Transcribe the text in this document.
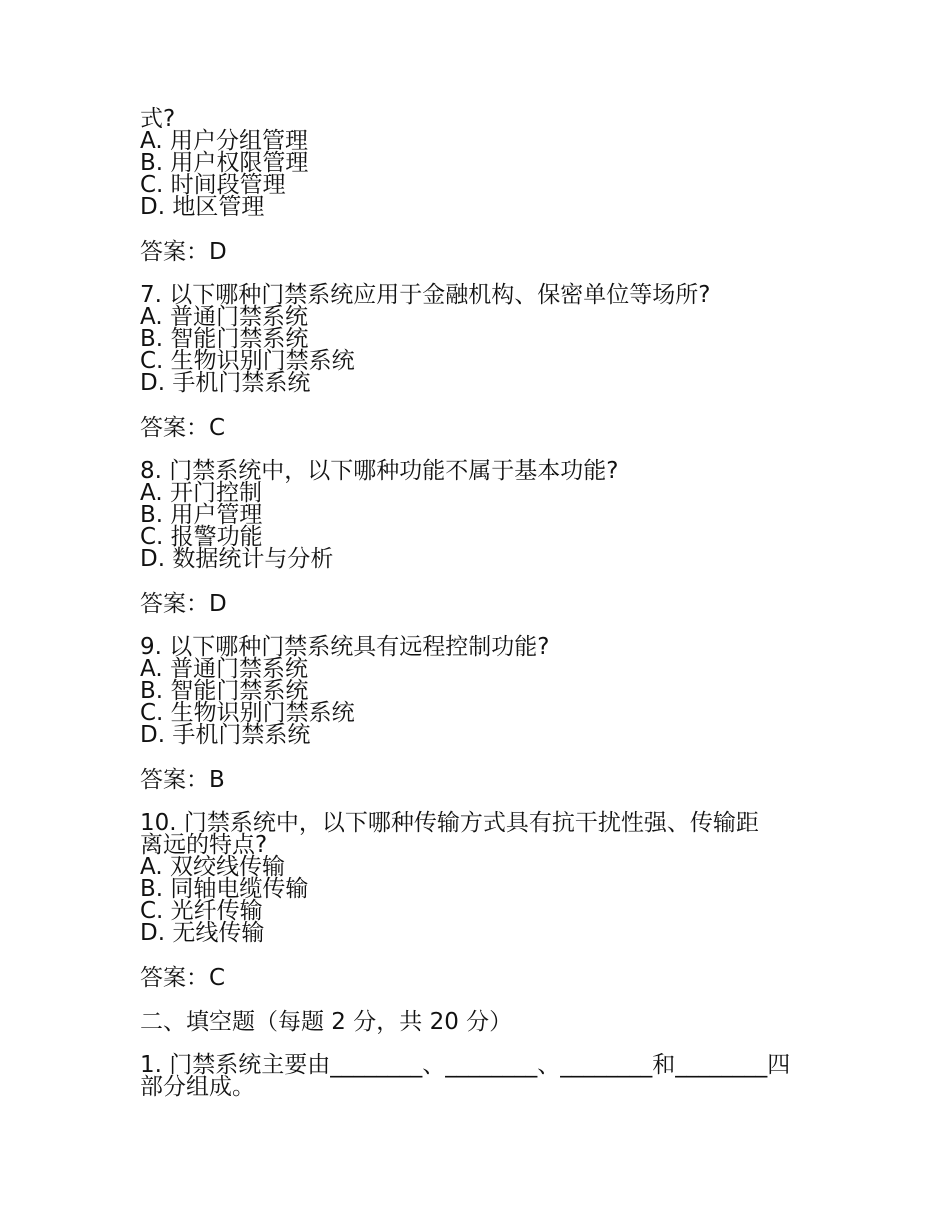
式?
A. 用户分组管理
B. 用户权限管理
C. 时间段管理
D. 地区管理
答案：D
7. 以下哪种门禁系统应用于金融机构、保密单位等场所?
A. 普通门禁系统
B. 智能门禁系统
C. 生物识别门禁系统
D. 手机门禁系统
答案：C
8. 门禁系统中，以下哪种功能不属于基本功能?
A. 开门控制
B. 用户管理
C. 报警功能
D. 数据统计与分析
答案：D
9. 以下哪种门禁系统具有远程控制功能?
A. 普通门禁系统
B. 智能门禁系统
C. 生物识别门禁系统
D. 手机门禁系统
答案：B
10. 门禁系统中，以下哪种传输方式具有抗干扰性强、传输距
离远的特点?
A. 双绞线传输
B. 同轴电缆传输
C. 光纤传输
D. 无线传输
答案：C
二、填空题（每题 2 分，共 20 分）
1. 门禁系统主要由________、________、________和________四
部分组成。
